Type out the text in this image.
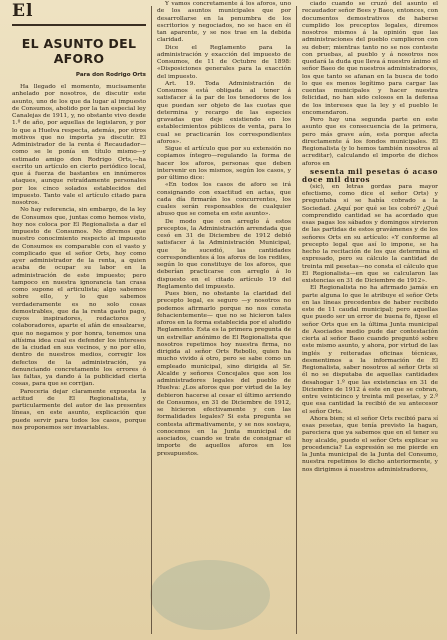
El
EL ASUNTO DEL AFORO
Para don Rodrigo Orts

Ha llegado el momento, mucisamente anhelado por nosotros, de discutir este asunto, uno de los que da lugar al impuesto de Consumos, abolido por la tan especial ley Canalejas de 1911, y, no obstante vivo desde 1.º de año, por aquellas de legislaron, y por lo que a Huelva respecta, además, por otros motivos que no importa ya discutir. El Administrador de la renta é Recaudador—como se le ponía en título mismo—y estimado amigo don Rodrigo Orts,—ha escrito un artículo en cierto periódico local, que á fuerza de bastantes en innúmeros ataques, aunque retraídamente personales por los cinco solados establecidos del impuesto. Tanto vale el artículo citado para nosotros.

No hay referencia, sin embargo, de la ley de Consumos que, juntas como hemos visto, hoy nos coloca por El Regionalista a dar el impuesto de Consumos. No diremos que nuestro conocimiento respecto al impuesto de Consumos es comparable con el vasto y complicado que el señor Orts, hoy como ayer administrador de la renta, a quien acaba de ocupar su labor en la administración de este impuesto; pero tampoco en nuestra ignorancia tan crasa como supone el articulista; algo sabemos sobre ello, y lo que sabemos verdaderamente es no solo cosas demostrables, que da la renta gasto pago, cuyos inspiradores, redactores y colaboradores, aparte el afán de ensalzarse, que no negamos y por honra, tenemos una altísima idea cual es defender los intereses de la ciudad en sus vecinos, y no por ello, dentro de nuestros medios, corregir los defectos de la administración, ya denunciando concretamente los errores ó las faltas, ya dando á la publicidad cierta cosas, para que se corrijan.

Pareceria dejar claramente expuesta la actitud de El Regionalista, y particularmente del autor de las presentes líneas, en este asunto, explicación que puede servir para todos los casos, porque nos proponemos ser invariables.

Y vamos concretamente á los aforos, uno de los asuntos municipales que por desarrollarse en la penumbra de los escritorios y negociados, no se hace en él tan aparente, y se nos trae en la debida claridad.

Dice el Reglamento para la administración y exacción del impuesto de Consumos, de 11 de Octubre de 1898: «Disposiciones generales para la exacción del impuesto.

Art. 19. Toda Administración de Consumos está obligada al tener á satisfacer á la par de los tenedores de los que puedan ser objeto de las cuotas que determina y recargo de las especies gravadas que deje existiendo en los establecimientos públicos de venta, para lo cual se practicarán los correspondientes aforos».

Sigue el artículo que por su extensión no copiamos íntegro—regulando la forma de hacer los aforos, personas que deben intervenir en los mismos, según los casos, y por último dice:

«En todos los casos de aforo se irá consignando con exactitud en actas, que cada día firmarán los concurrentes, los cuales serán responsables de cualquier abuso que se cometa en este asunto».

De modo que con arreglo á estos preceptos, la Administración arrendada que cesó en 31 de Diciembre de 1912 debió satisfacer á la Administración Municipal, que le sucedió, las cantidades correspondientes á los aforos de los rediles, según lo que constituye de los aforos, que deberían practicarse con arreglo á lo dispuesto en el citado artículo 19 del Reglamento del impuesto.

Pues bien, no obstante la claridad del precepto legal, es seguro —y nosotros no podemos afirmarlo porque no nos consta fehacientemente— que no se hicieron tales aforos en la forma establecida por el aludido Reglamento. Esta es la primera pregunta de un estrellar anónimo de El Regionalista que nosotros repetimos hoy nuestra firma, no dirigida al señor Orts Rebollo, quien ha mucho vivido á otro, pero se sabe como un empleado municipal, sino dirigida al Sr. Alcalde y señores Concejales que son los administradores legales del pueblo de Huelva: ¿Los aforos que por virtud de la ley debieron hacerse al cesar el último arriendo de Consumos, en 31 de Diciembre de 1912, se hicieron efectivamente y con las formalidades legales? Si esta pregunta se contesta afirmativamente, y se nos sostaya, conocemos en la Junta municipal de asociados, cuando se trate de consignar el importe de aquellos aforos en los presupuestos.

ciado cuando se cruzó del asunto el recaudador señor Bees y Baeo, entonces, con documentos demostrativos de haberse cumplido los preceptos legales, diremos nosotros mismos á la opinión que las administraciones del pueblo cumplieron con su deber; mientras tanto no se nos conteste con pruebas, al pueblo y á nosotros nos quedará la duda que lleva á nuestro ánimo el señor Baeo de que nuestros administradores, los que tanto se afanan en la busca de todo lo que es menos legítimo para cargar las cuentas municipales y hacer nuestra felicidad, no han sido celosos en la defensa de los intereses que la ley y el pueblo le encomendaron.

Pero hay una segunda parte en este asunto que es consecuencia de la primera, pero más grave aún, esta porque afecta directamente á los fondos municipales. El Regionalista (y lo hemos también nosotros al acreditar), calculando el importe de dichos aforos en

sesenta mil pesetas ó acaso doce mil duros

(sic), en letras gordas para mayor efectismo, como dice el señor Orts) y preguntaba si se había cobrado a la Sociedad. ¿Aquí por qué se les cobró? ¿Qué comprendido cantidad se ha acordado que esas pagas los sábados y domingos sirvieron de las partidas de estos gravámenes y de los señores Orts en su artículo: «Y conforme al precepto legal que así lo impone, se ha hecho la recitación de los que determina el expresado, pero su cálculo la cantidad de treinta mil pesetas—no consta el cálculo que El Regionalista—en que se calcularon las existencias en 31 de Diciembre de 1912».

El Regionalista no ha afirmado jamás en parte alguna lo que le atribuye el señor Orts en las líneas precedentes de haber recibido este de 11 caudal municipal; pero aquellas que puedo ser un error de buena fe, fijese el señor Orts que en la última Junta municipal de Asociados medio pude dar contestación cierta al señor Baeo cuando preguntó sobre este mismo asunto, y ahora, por virtud de las inglés y reiteradas oficinas técnicas, desmentimos a la información de El Regionalista, saber nosotros al señor Orts si él no se disputaba de aquellas cantidades desahogar 1.º que las existencias en 31 de Diciembre de 1912 á este en que se cobran, entre veinticinco y treinta mil pesetas, y 2.º que esa cantidad la recibió de su antecesor el señor Orts.

Ahora bien; si el señor Orts recibió para sí esas pesetas, que tenía previsto la hagan, pareciera que ya sabemos que en el tener su hoy alcalde, puedo el señor Orts explicar su procedencia? La expresión se me pierde en la Junta municipal de la Junta del Consumo, nuestra repetimos lo dicho anteriormente, y nos dirigimos á nuestros administradores,
